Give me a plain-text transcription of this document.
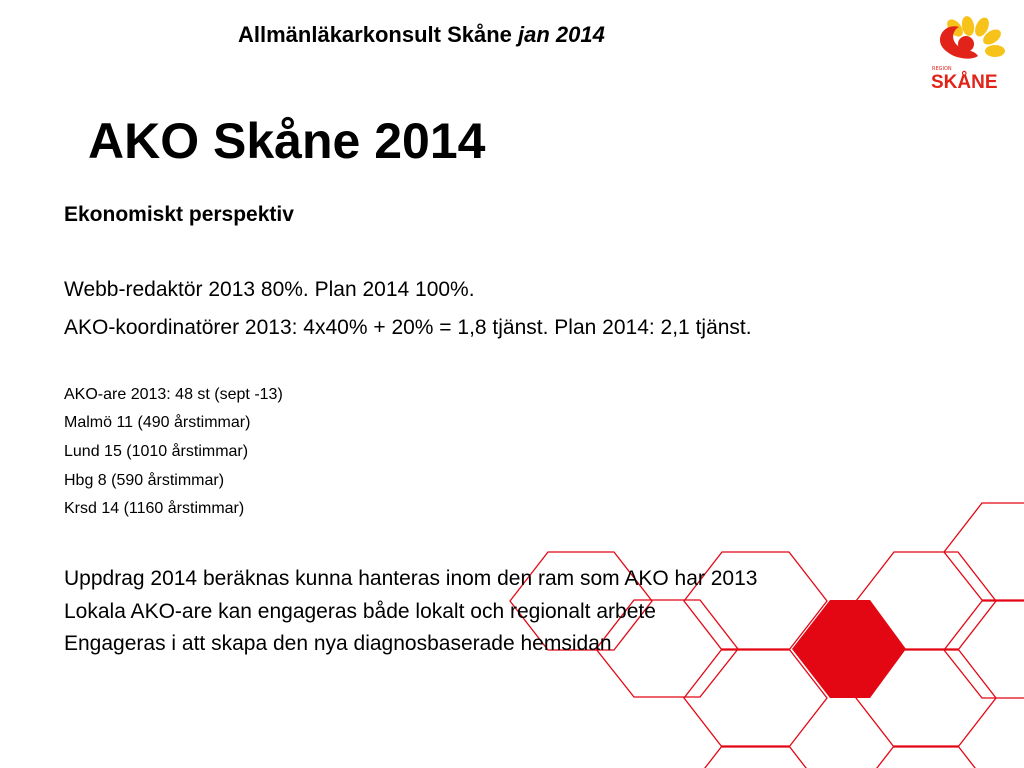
Allmänläkarkonsult Skåne jan 2014
REGION
SKÅNE
AKO Skåne 2014
Ekonomiskt perspektiv
Webb-redaktör 2013 80%. Plan 2014 100%.
AKO-koordinatörer 2013: 4x40% + 20% = 1,8 tjänst. Plan 2014: 2,1 tjänst.
AKO-are 2013: 48 st (sept -13)
Malmö 11 (490 årstimmar)
Lund 15 (1010 årstimmar)
Hbg 8 (590 årstimmar)
Krsd 14 (1160 årstimmar)
Uppdrag 2014 beräknas kunna hanteras inom den ram som AKO har 2013
Lokala AKO-are kan engageras både lokalt och regionalt arbete
Engageras i att skapa den nya diagnosbaserade hemsidan
